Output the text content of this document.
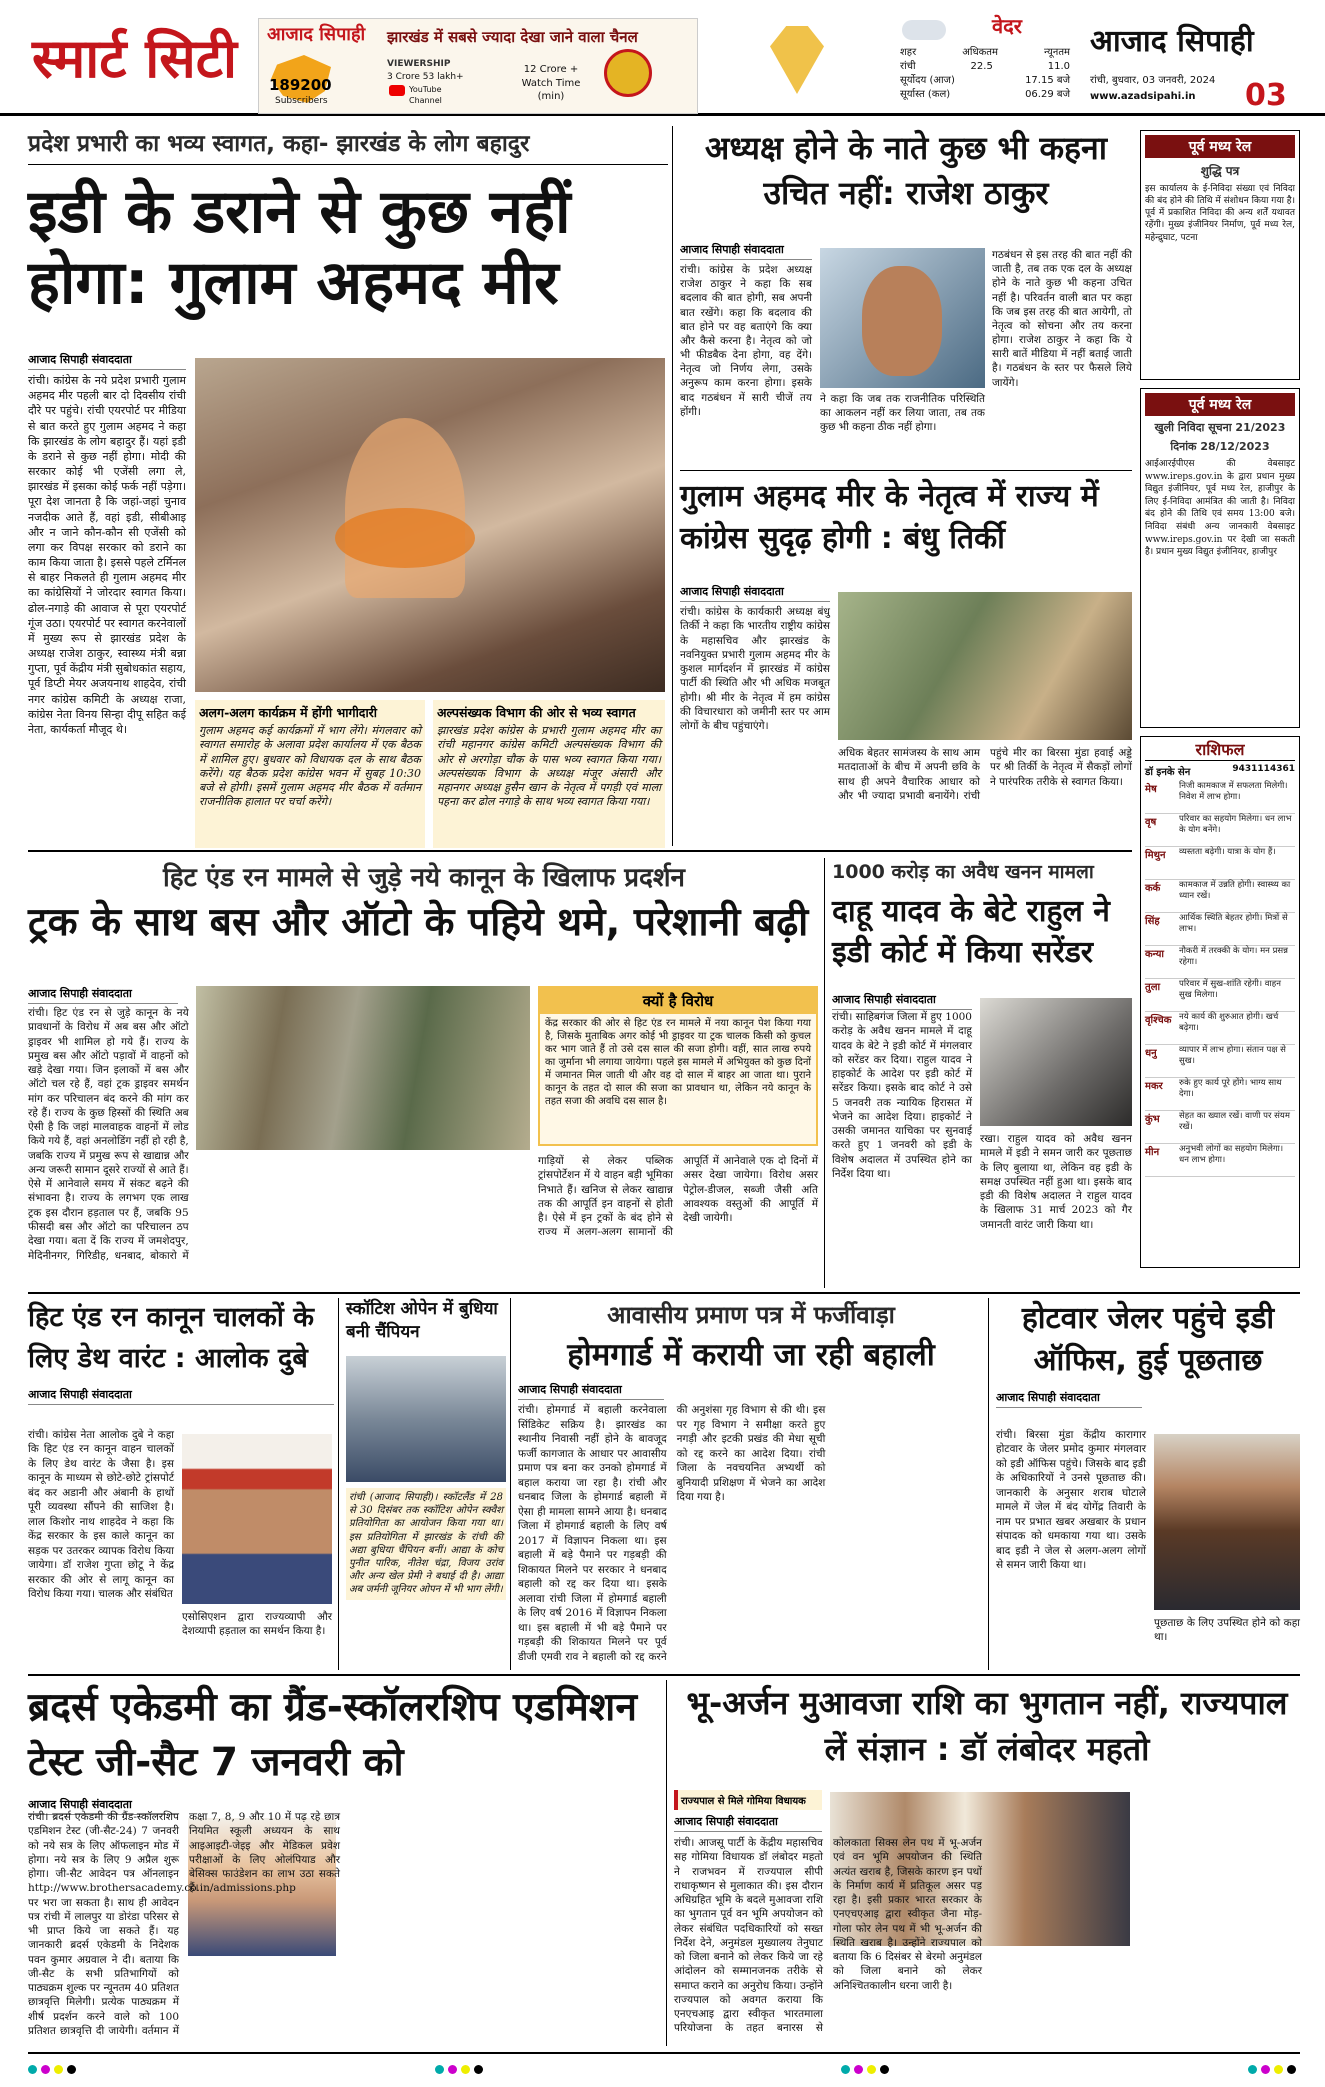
स्मार्ट सिटी आजाद सिपाही झारखंड में सबसे ज्यादा देखा जाने वाला चैनल
189200
Subscribers
VIEWERSHIP
3 Crore 53 lakh+
YouTube Channel
12 Crore + Watch Time (min)
वेदर
शहर	अधिकतम	न्यूनतम
रांची	22.5	11.0
सूर्योदय (आज)	17.15 बजे
सूर्यास्त (कल)	06.29 बजे
आजाद सिपाही
रांची, बुधवार, 03 जनवरी, 2024
www.azadsipahi.in 03
प्रदेश प्रभारी का भव्य स्वागत, कहा- झारखंड के लोग बहादुर
इडी के डराने से कुछ नहीं होगा: गुलाम अहमद मीर
आजाद सिपाही संवाददाता
रांची। कांग्रेस के नये प्रदेश प्रभारी गुलाम अहमद मीर पहली बार दो दिवसीय रांची दौरे पर पहुंचे। रांची एयरपोर्ट पर मीडिया से बात करते हुए गुलाम अहमद ने कहा कि झारखंड के लोग बहादुर हैं। यहां इडी के डराने से कुछ नहीं होगा। मोदी की सरकार कोई भी एजेंसी लगा ले, झारखंड में इसका कोई फर्क नहीं पड़ेगा। पूरा देश जानता है कि जहां-जहां चुनाव नजदीक आते हैं, वहां इडी, सीबीआइ और न जाने कौन-कौन सी एजेंसी को लगा कर विपक्ष सरकार को डराने का काम किया जाता है। इससे पहले टर्मिनल से बाहर निकलते ही गुलाम अहमद मीर का कांग्रेसियों ने जोरदार स्वागत किया। ढोल-नगाड़े की आवाज से पूरा एयरपोर्ट गूंज उठा। एयरपोर्ट पर स्वागत करनेवालों में मुख्य रूप से झारखंड प्रदेश के अध्यक्ष राजेश ठाकुर, स्वास्थ्य मंत्री बन्ना गुप्ता, पूर्व केंद्रीय मंत्री सुबोधकांत सहाय, पूर्व डिप्टी मेयर अजयनाथ शाहदेव, रांची नगर कांग्रेस कमिटी के अध्यक्ष राजा, कांग्रेस नेता विनय सिन्हा दीपू सहित कई नेता, कार्यकर्ता मौजूद थे।
अलग-अलग कार्यक्रम में होंगी भागीदारी
गुलाम अहमद कई कार्यक्रमों में भाग लेंगे। मंगलवार को स्वागत समारोह के अलावा प्रदेश कार्यालय में एक बैठक में शामिल हुए। बुधवार को विधायक दल के साथ बैठक करेंगे। यह बैठक प्रदेश कांग्रेस भवन में सुबह 10:30 बजे से होगी। इसमें गुलाम अहमद मीर बैठक में वर्तमान राजनीतिक हालात पर चर्चा करेंगे।
अल्पसंख्यक विभाग की ओर से भव्य स्वागत
झारखंड प्रदेश कांग्रेस के प्रभारी गुलाम अहमद मीर का रांची महानगर कांग्रेस कमिटी अल्पसंख्यक विभाग की ओर से अरगोड़ा चौक के पास भव्य स्वागत किया गया। अल्पसंख्यक विभाग के अध्यक्ष मंजूर अंसारी और महानगर अध्यक्ष हुसैन खान के नेतृत्व में पगड़ी एवं माला पहना कर ढोल नगाड़े के साथ भव्य स्वागत किया गया।
अध्यक्ष होने के नाते कुछ भी कहना उचित नहीं: राजेश ठाकुर
आजाद सिपाही संवाददाता
रांची। कांग्रेस के प्रदेश अध्यक्ष राजेश ठाकुर ने कहा कि सब बदलाव की बात होगी, सब अपनी बात रखेंगे। कहा कि बदलाव की बात होने पर वह बताएंगे कि क्या और कैसे करना है। नेतृत्व को जो भी फीडबैक देना होगा, वह देंगे। नेतृत्व जो निर्णय लेगा, उसके अनुरूप काम करना होगा। इसके बाद गठबंधन में सारी चीजें तय होंगी।
ने कहा कि जब तक राजनीतिक परिस्थिति का आकलन नहीं कर लिया जाता, तब तक कुछ भी कहना ठीक नहीं होगा।
गठबंधन से इस तरह की बात नहीं की जाती है, तब तक एक दल के अध्यक्ष होने के नाते कुछ भी कहना उचित नहीं है। परिवर्तन वाली बात पर कहा कि जब इस तरह की बात आयेगी, तो नेतृत्व को सोचना और तय करना होगा। राजेश ठाकुर ने कहा कि ये सारी बातें मीडिया में नहीं बताई जाती है। गठबंधन के स्तर पर फैसले लिये जायेंगे।
गुलाम अहमद मीर के नेतृत्व में राज्य में कांग्रेस सुदृढ़ होगी : बंधु तिर्की
आजाद सिपाही संवाददाता
रांची। कांग्रेस के कार्यकारी अध्यक्ष बंधु तिर्की ने कहा कि भारतीय राष्ट्रीय कांग्रेस के महासचिव और झारखंड के नवनियुक्त प्रभारी गुलाम अहमद मीर के कुशल मार्गदर्शन में झारखंड में कांग्रेस पार्टी की स्थिति और भी अधिक मजबूत होगी। श्री मीर के नेतृत्व में हम कांग्रेस की विचारधारा को जमीनी स्तर पर आम लोगों के बीच पहुंचाएंगे।
अधिक बेहतर सामंजस्य के साथ आम मतदाताओं के बीच में अपनी छवि के साथ ही अपने वैचारिक आधार को और भी ज्यादा प्रभावी बनायेंगे। रांची पहुंचे मीर का बिरसा मुंडा हवाई अड्डे पर श्री तिर्की के नेतृत्व में सैकड़ों लोगों ने पारंपरिक तरीके से स्वागत किया।
पूर्व मध्य रेल
शुद्धि पत्र
इस कार्यालय के ई-निविदा संख्या एवं निविदा की बंद होने की तिथि में संशोधन किया गया है। पूर्व में प्रकाशित निविदा की अन्य शर्तें यथावत रहेंगी। मुख्य इंजीनियर निर्माण, पूर्व मध्य रेल, महेन्द्रुघाट, पटना
पूर्व मध्य रेल
खुली निविदा सूचना 21/2023
दिनांक 28/12/2023
आईआरईपीएस की वेबसाइट www.ireps.gov.in के द्वारा प्रधान मुख्य विद्युत इंजीनियर, पूर्व मध्य रेल, हाजीपुर के लिए ई-निविदा आमंत्रित की जाती है। निविदा बंद होने की तिथि एवं समय 13:00 बजे। निविदा संबंधी अन्य जानकारी वेबसाइट www.ireps.gov.in पर देखी जा सकती है। प्रधान मुख्य विद्युत इंजीनियर, हाजीपुर
राशिफल
डॉ इनके सेन	9431114361
मेष	निजी कामकाज में सफलता मिलेगी। निवेश में लाभ होगा।
वृष	परिवार का सहयोग मिलेगा। धन लाभ के योग बनेंगे।
मिथुन	व्यस्तता बढ़ेगी। यात्रा के योग हैं।
कर्क	कामकाज में उन्नति होगी। स्वास्थ्य का ध्यान रखें।
सिंह	आर्थिक स्थिति बेहतर होगी। मित्रों से लाभ।
कन्या	नौकरी में तरक्की के योग। मन प्रसन्न रहेगा।
तुला	परिवार में सुख-शांति रहेगी। वाहन सुख मिलेगा।
वृश्चिक नये कार्य की शुरुआत होगी। खर्च बढ़ेगा।
धनु	व्यापार में लाभ होगा। संतान पक्ष से सुख।
मकर	रुके हुए कार्य पूरे होंगे। भाग्य साथ देगा।
कुंभ	सेहत का ख्याल रखें। वाणी पर संयम रखें।
मीन	अनुभवी लोगों का सहयोग मिलेगा। धन लाभ होगा।
हिट एंड रन मामले से जुड़े नये कानून के खिलाफ प्रदर्शन
ट्रक के साथ बस और ऑटो के पहिये थमे, परेशानी बढ़ी
आजाद सिपाही संवाददाता
रांची। हिट एंड रन से जुड़े कानून के नये प्रावधानों के विरोध में अब बस और ऑटो ड्राइवर भी शामिल हो गये हैं। राज्य के प्रमुख बस और ऑटो पड़ावों में वाहनों को खड़े देखा गया। जिन इलाकों में बस और ऑटो चल रहे हैं, वहां ट्रक ड्राइवर समर्थन मांग कर परिचालन बंद करने की मांग कर रहे हैं। राज्य के कुछ हिस्सों की स्थिति अब ऐसी है कि जहां मालवाहक वाहनों में लोड किये गये हैं, वहां अनलोडिंग नहीं हो रही है, जबकि राज्य में प्रमुख रूप से खाद्यान्न और अन्य जरूरी सामान दूसरे राज्यों से आते हैं। ऐसे में आनेवाले समय में संकट बढ़ने की संभावना है। राज्य के लगभग एक लाख ट्रक इस दौरान हड़ताल पर हैं, जबकि 95 फीसदी बस और ऑटो का परिचालन ठप देखा गया। बता दें कि राज्य में जमशेदपुर, मेदिनीनगर, गिरिडीह, धनबाद, बोकारो में
क्यों है विरोध
केंद्र सरकार की ओर से हिट एंड रन मामले में नया कानून पेश किया गया है, जिसके मुताबिक अगर कोई भी ड्राइवर या ट्रक चालक किसी को कुचल कर भाग जाते हैं तो उसे दस साल की सजा होगी। वहीं, सात लाख रुपये का जुर्माना भी लगाया जायेगा। पहले इस मामले में अभियुक्त को कुछ दिनों में जमानत मिल जाती थी और वह दो साल में बाहर आ जाता था। पुराने कानून के तहत दो साल की सजा का प्रावधान था, लेकिन नये कानून के तहत सजा की अवधि दस साल है।
गाड़ियों से लेकर पब्लिक ट्रांसपोर्टेशन में ये वाहन बड़ी भूमिका निभाते हैं। खनिज से लेकर खाद्यान्न तक की आपूर्ति इन वाहनों से होती है। ऐसे में इन ट्रकों के बंद होने से राज्य में अलग-अलग सामानों की आपूर्ति में आनेवाले एक दो दिनों में असर देखा जायेगा। विरोध असर पेट्रोल-डीजल, सब्जी जैसी अति आवश्यक वस्तुओं की आपूर्ति में देखी जायेगी।
1000 करोड़ का अवैध खनन मामला
दाहू यादव के बेटे राहुल ने इडी कोर्ट में किया सरेंडर
आजाद सिपाही संवाददाता
रांची। साहिबगंज जिला में हुए 1000 करोड़ के अवैध खनन मामले में दाहू यादव के बेटे ने इडी कोर्ट में मंगलवार को सरेंडर कर दिया। राहुल यादव ने हाइकोर्ट के आदेश पर इडी कोर्ट में सरेंडर किया। इसके बाद कोर्ट ने उसे 5 जनवरी तक न्यायिक हिरासत में भेजने का आदेश दिया। हाइकोर्ट ने उसकी जमानत याचिका पर सुनवाई करते हुए 1 जनवरी को इडी के विशेष अदालत में उपस्थित होने का निर्देश दिया था।
रखा। राहुल यादव को अवैध खनन मामले में इडी ने समन जारी कर पूछताछ के लिए बुलाया था, लेकिन वह इडी के समक्ष उपस्थित नहीं हुआ था। इसके बाद इडी की विशेष अदालत ने राहुल यादव के खिलाफ 31 मार्च 2023 को गैर जमानती वारंट जारी किया था।
हिट एंड रन कानून चालकों के लिए डेथ वारंट : आलोक दुबे
आजाद सिपाही संवाददाता
रांची। कांग्रेस नेता आलोक दुबे ने कहा कि हिट एंड रन कानून वाहन चालकों के लिए डेथ वारंट के जैसा है। इस कानून के माध्यम से छोटे-छोटे ट्रांसपोर्ट बंद कर अडानी और अंबानी के हाथों पूरी व्यवस्था सौंपने की साजिश है। लाल किशोर नाथ शाहदेव ने कहा कि केंद्र सरकार के इस काले कानून का सड़क पर उतरकर व्यापक विरोध किया जायेगा। डॉ राजेश गुप्ता छोटू ने केंद्र सरकार की ओर से लागू कानून का विरोध किया गया। चालक और संबंधित
एसोसिएशन द्वारा राज्यव्यापी और देशव्यापी हड़ताल का समर्थन किया है।
स्कॉटिश ओपेन में बुधिया बनी चैंपियन
रांची (आजाद सिपाही)। स्कॉटलैंड में 28 से 30 दिसंबर तक स्कॉटिश ओपेन स्क्वैश प्रतियोगिता का आयोजन किया गया था। इस प्रतियोगिता में झारखंड के रांची की अद्या बुधिया चैंपियन बनीं। आद्या के कोच पुनीत पारिक, नीतेश चंद्रा, विजय उरांव और अन्य खेल प्रेमी ने बधाई दी है। आद्या अब जर्मनी जूनियर ओपन में भी भाग लेंगी।
आवासीय प्रमाण पत्र में फर्जीवाड़ा
होमगार्ड में करायी जा रही बहाली
आजाद सिपाही संवाददाता
रांची। होमगार्ड में बहाली करनेवाला सिंडिकेट सक्रिय है। झारखंड का स्थानीय निवासी नहीं होने के बावजूद फर्जी कागजात के आधार पर आवासीय प्रमाण पत्र बना कर उनको होमगार्ड में बहाल कराया जा रहा है। रांची और धनबाद जिला के होमगार्ड बहाली में ऐसा ही मामला सामने आया है। धनबाद जिला में होमगार्ड बहाली के लिए वर्ष 2017 में विज्ञापन निकला था। इस बहाली में बड़े पैमाने पर गड़बड़ी की शिकायत मिलने पर सरकार ने धनबाद बहाली को रद्द कर दिया था। इसके अलावा रांची जिला में होमगार्ड बहाली के लिए वर्ष 2016 में विज्ञापन निकला था। इस बहाली में भी बड़े पैमाने पर गड़बड़ी की शिकायत मिलने पर पूर्व डीजी एमवी राव ने बहाली को रद्द करने की अनुशंसा गृह विभाग से की थी। इस पर गृह विभाग ने समीक्षा करते हुए नगड़ी और इटकी प्रखंड की मेधा सूची को रद्द करने का आदेश दिया। रांची जिला के नवचयनित अभ्यर्थी को बुनियादी प्रशिक्षण में भेजने का आदेश दिया गया है।
होटवार जेलर पहुंचे इडी ऑफिस, हुई पूछताछ
आजाद सिपाही संवाददाता
रांची। बिरसा मुंडा केंद्रीय कारागार होटवार के जेलर प्रमोद कुमार मंगलवार को इडी ऑफिस पहुंचे। जिसके बाद इडी के अधिकारियों ने उनसे पूछताछ की। जानकारी के अनुसार शराब घोटाले मामले में जेल में बंद योगेंद्र तिवारी के नाम पर प्रभात खबर अखबार के प्रधान संपादक को धमकाया गया था। उसके बाद इडी ने जेल से अलग-अलग लोगों से समन जारी किया था।
पूछताछ के लिए उपस्थित होने को कहा था।
ब्रदर्स एकेडमी का ग्रैंड-स्कॉलरशिप एडमिशन टेस्ट जी-सैट 7 जनवरी को
आजाद सिपाही संवाददाता
रांची। ब्रदर्स एकेडमी की ग्रैंड-स्कॉलरशिप एडमिशन टेस्ट (जी-सैट-24) 7 जनवरी को नये सत्र के लिए ऑफलाइन मोड में होगा। नये सत्र के लिए 9 अप्रैल शुरू होगा। जी-सैट आवेदन पत्र ऑनलाइन http://www.brothersacademy.co.in/admissions.php पर भरा जा सकता है। साथ ही आवेदन पत्र रांची में लालपुर या डोरंडा परिसर से भी प्राप्त किये जा सकते हैं। यह जानकारी ब्रदर्स एकेडमी के निदेशक पवन कुमार अग्रवाल ने दी। बताया कि जी-सैट के सभी प्रतिभागियों को पाठ्यक्रम शुल्क पर न्यूनतम 40 प्रतिशत छात्रवृत्ति मिलेगी। प्रत्येक पाठ्यक्रम में शीर्ष प्रदर्शन करने वाले को 100 प्रतिशत छात्रवृत्ति दी जायेगी। वर्तमान में कक्षा 7, 8, 9 और 10 में पढ़ रहे छात्र नियमित स्कूली अध्ययन के साथ आइआइटी-जेइइ और मेडिकल प्रवेश परीक्षाओं के लिए ओलंपियाड और बेसिक्स फाउंडेशन का लाभ उठा सकते हैं।
भू-अर्जन मुआवजा राशि का भुगतान नहीं, राज्यपाल लें संज्ञान : डॉ लंबोदर महतो
राज्यपाल से मिले गोमिया विधायक
आजाद सिपाही संवाददाता
रांची। आजसू पार्टी के केंद्रीय महासचिव सह गोमिया विधायक डॉ लंबोदर महतो ने राजभवन में राज्यपाल सीपी राधाकृष्णन से मुलाकात की। इस दौरान अधिग्रहित भूमि के बदले मुआवजा राशि का भुगतान पूर्व वन भूमि अपयोजन को लेकर संबंधित पदधिकारियों को सख्त निर्देश देने, अनुमंडल मुख्यालय तेनुघाट को जिला बनाने को लेकर किये जा रहे आंदोलन को सम्मानजनक तरीके से समाप्त कराने का अनुरोध किया। उन्होंने राज्यपाल को अवगत कराया कि एनएचआइ द्वारा स्वीकृत भारतमाला परियोजना के तहत बनारस से कोलकाता सिक्स लेन पथ में भू-अर्जन एवं वन भूमि अपयोजन की स्थिति अत्यंत खराब है, जिसके कारण इन पथों के निर्माण कार्य में प्रतिकूल असर पड़ रहा है। इसी प्रकार भारत सरकार के एनएचएआइ द्वारा स्वीकृत जैना मोड़-गोला फोर लेन पथ में भी भू-अर्जन की स्थिति खराब है। उन्होंने राज्यपाल को बताया कि 6 दिसंबर से बेरमो अनुमंडल को जिला बनाने को लेकर अनिश्चितकालीन धरना जारी है।
